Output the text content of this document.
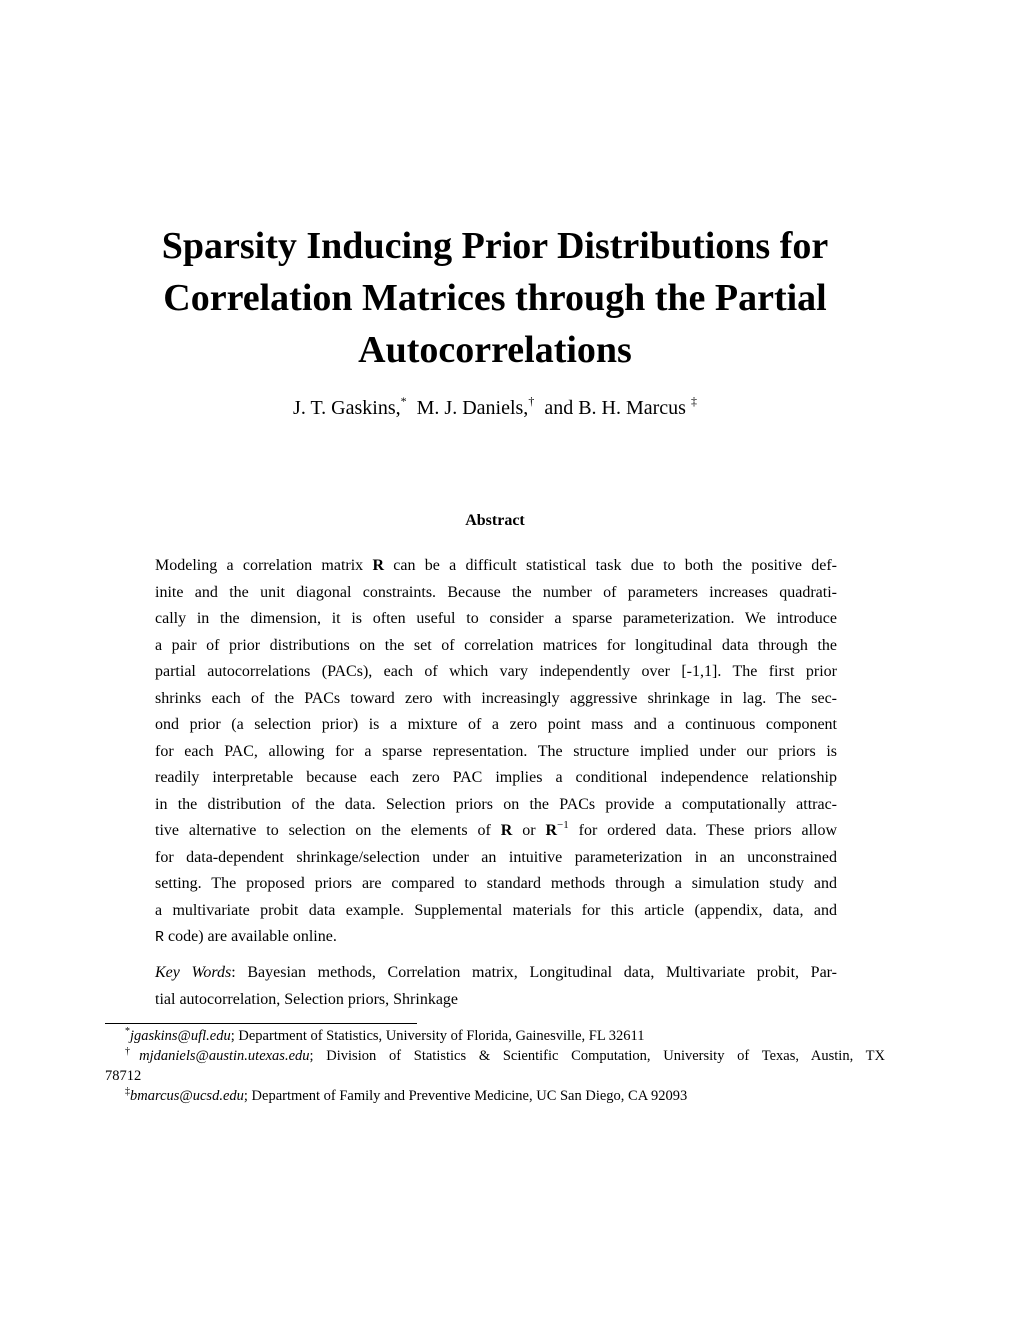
Sparsity Inducing Prior Distributions for
Correlation Matrices through the Partial
Autocorrelations
J. T. Gaskins,* M. J. Daniels,† and B. H. Marcus ‡
Abstract
Modeling a correlation matrix R can be a difficult statistical task due to both the positive def-
inite and the unit diagonal constraints. Because the number of parameters increases quadrati-
cally in the dimension, it is often useful to consider a sparse parameterization. We introduce
a pair of prior distributions on the set of correlation matrices for longitudinal data through the
partial autocorrelations (PACs), each of which vary independently over [-1,1]. The first prior
shrinks each of the PACs toward zero with increasingly aggressive shrinkage in lag. The sec-
ond prior (a selection prior) is a mixture of a zero point mass and a continuous component
for each PAC, allowing for a sparse representation. The structure implied under our priors is
readily interpretable because each zero PAC implies a conditional independence relationship
in the distribution of the data. Selection priors on the PACs provide a computationally attrac-
tive alternative to selection on the elements of R or $R^{-1}$ for ordered data. These priors allow
for data-dependent shrinkage/selection under an intuitive parameterization in an unconstrained
setting. The proposed priors are compared to standard methods through a simulation study and
a multivariate probit data example. Supplemental materials for this article (appendix, data, and
R code) are available online.
Key Words: Bayesian methods, Correlation matrix, Longitudinal data, Multivariate probit, Par-
tial autocorrelation, Selection priors, Shrinkage
*jgaskins@ufl.edu; Department of Statistics, University of Florida, Gainesville, FL 32611
†mjdaniels@austin.utexas.edu; Division of Statistics & Scientific Computation, University of Texas, Austin, TX
78712
‡bmarcus@ucsd.edu; Department of Family and Preventive Medicine, UC San Diego, CA 92093
